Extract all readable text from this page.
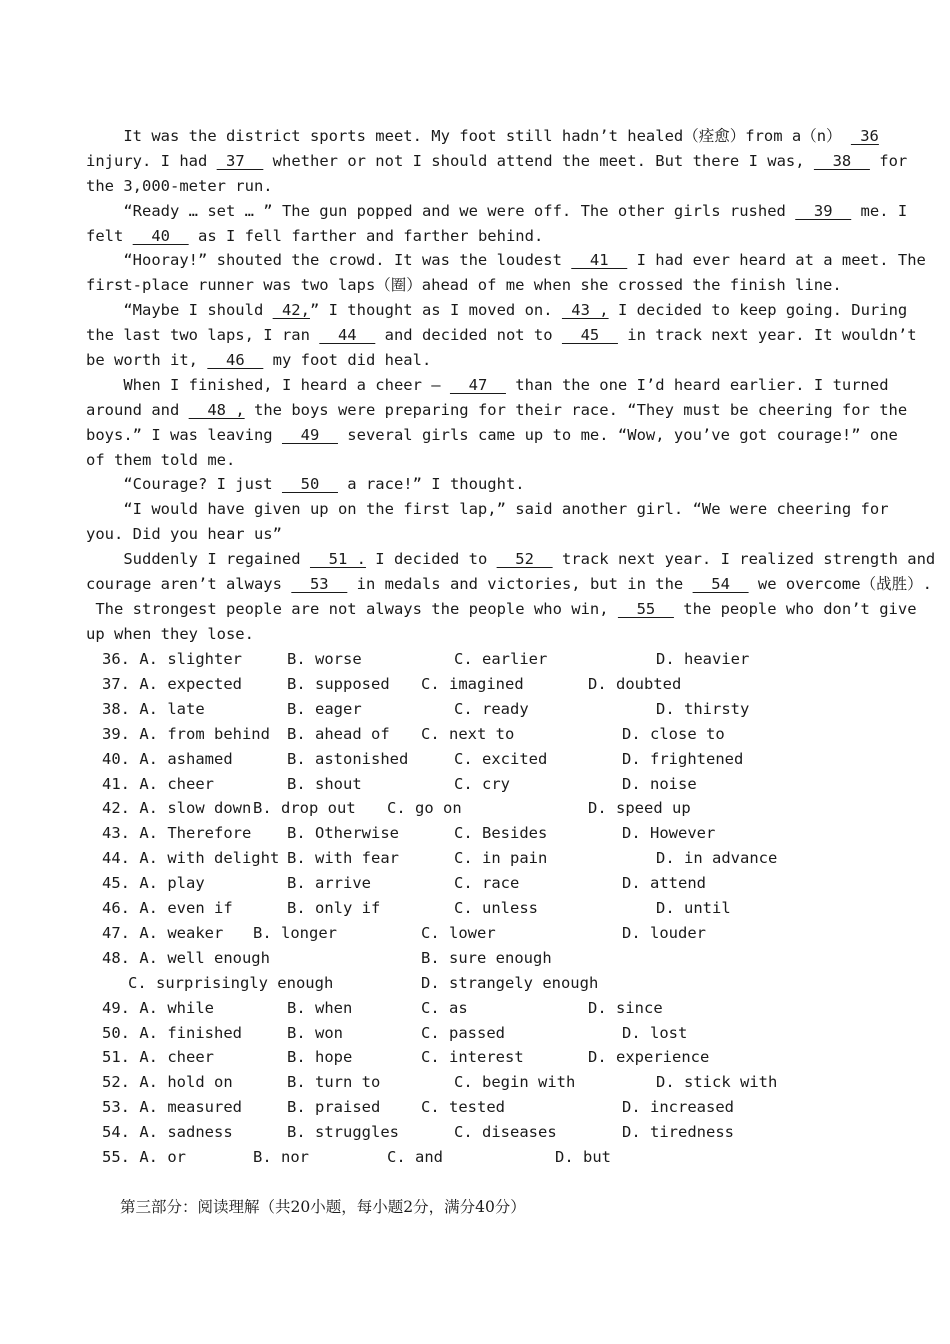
It was the district sports meet. My foot still hadn’t healed（痊愈）from a（n）  36
injury. I had  37   whether or not I should attend the meet. But there I was,   38   for
the 3,000-meter run.
“Ready … set … ” The gun popped and we were off. The other girls rushed   39   me. I
felt   40   as I fell farther and farther behind.
“Hooray!” shouted the crowd. It was the loudest   41   I had ever heard at a meet. The
first-place runner was two laps（圈）ahead of me when she crossed the finish line.
“Maybe I should  42,” I thought as I moved on.  43 , I decided to keep going. During
the last two laps, I ran   44   and decided not to   45   in track next year. It wouldn’t
be worth it,   46   my foot did heal.
When I finished, I heard a cheer —   47   than the one I’d heard earlier. I turned
around and   48 , the boys were preparing for their race. “They must be cheering for the
boys.” I was leaving   49   several girls came up to me. “Wow, you’ve got courage!” one
of them told me.
“Courage? I just   50   a race!” I thought.
“I would have given up on the first lap,” said another girl. “We were cheering for
you. Did you hear us”
Suddenly I regained   51 . I decided to   52   track next year. I realized strength and
courage aren’t always   53   in medals and victories, but in the   54   we overcome（战胜）.
The strongest people are not always the people who win,   55   the people who don’t give
up when they lose.
36. A. slighter	B. worse	C. earlier	D. heavier
37. A. expected	B. supposed C. imagined	D. doubted
38. A. late	B. eager	C. ready	D. thirsty
39. A. from behind B. ahead of C. next to	D. close to
40. A. ashamed	B. astonished	C. excited	D. frightened
41. A. cheer	B. shout	C. cry	D. noise
42. A. slow down B. drop out C. go on	D. speed up
43. A. Therefore B. Otherwise	C. Besides	D. However
44. A. with delight B. with fear	C. in pain	D. in advance
45. A. play	B. arrive	C. race	D. attend
46. A. even if	B. only if	C. unless	D. until
47. A. weaker B. longer	C. lower	D. louder
48. A. well enough	B. sure enough
C. surprisingly enough	D. strangely enough
49. A. while	B. when	C. as	D. since
50. A. finished	B. won	C. passed	D. lost
51. A. cheer	B. hope	C. interest	D. experience
52. A. hold on	B. turn to	C. begin with	D. stick with
53. A. measured	B. praised	C. tested	D. increased
54. A. sadness	B. struggles	C. diseases	D. tiredness
55. A. or	B. nor	C. and	D. but
第三部分：阅读理解（共20小题，每小题2分，满分40分）
